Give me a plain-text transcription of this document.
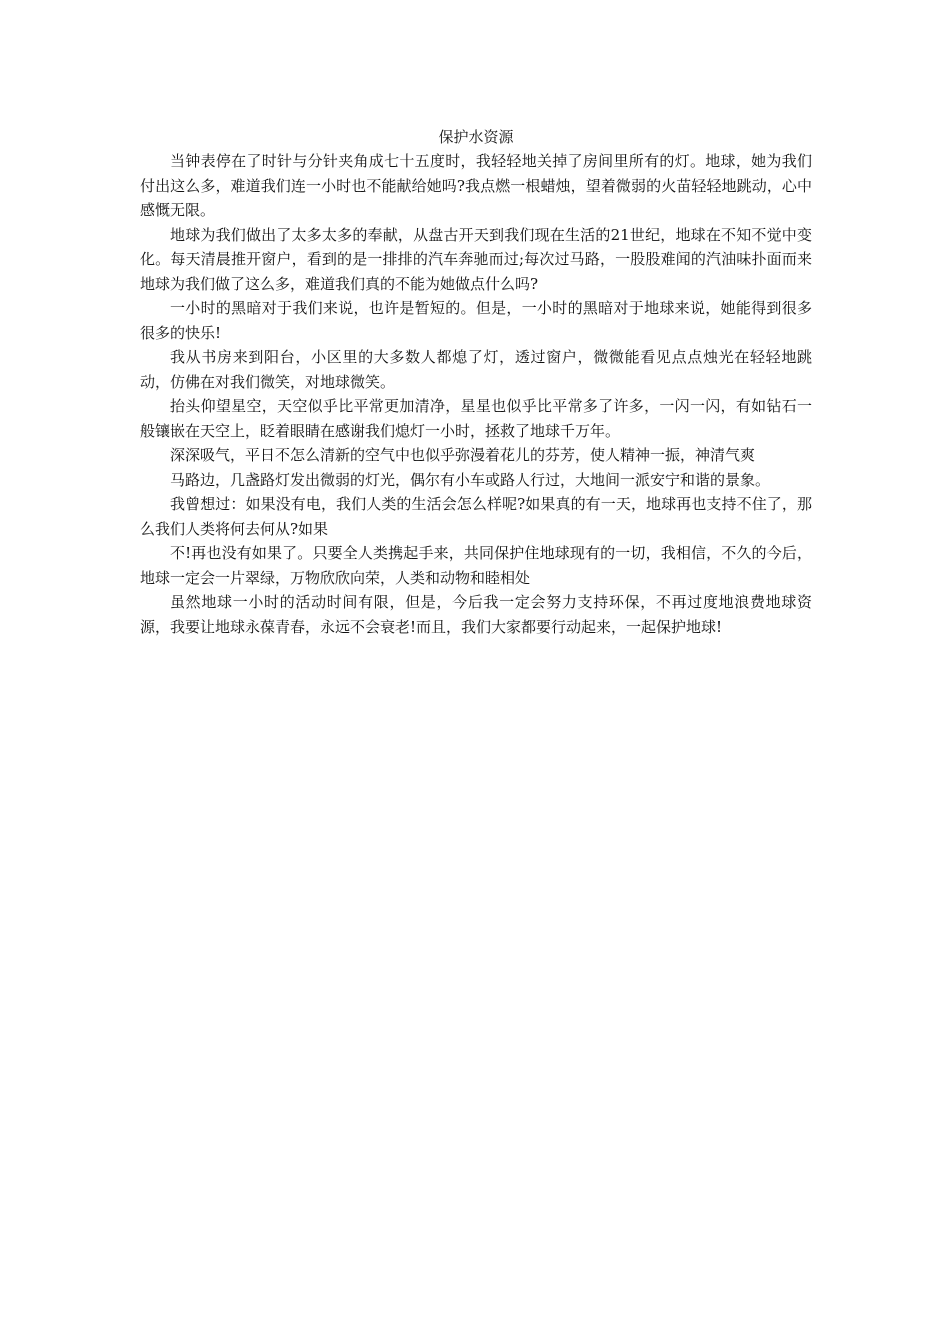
保护水资源

当钟表停在了时针与分针夹角成七十五度时，我轻轻地关掉了房间里所有的灯。地球，她为我们付出这么多，难道我们连一小时也不能献给她吗?我点燃一根蜡烛，望着微弱的火苗轻轻地跳动，心中感慨无限。

地球为我们做出了太多太多的奉献，从盘古开天到我们现在生活的21世纪，地球在不知不觉中变化。每天清晨推开窗户，看到的是一排排的汽车奔驰而过;每次过马路，一股股难闻的汽油味扑面而来地球为我们做了这么多，难道我们真的不能为她做点什么吗?

一小时的黑暗对于我们来说，也许是暂短的。但是，一小时的黑暗对于地球来说，她能得到很多很多的快乐!

我从书房来到阳台，小区里的大多数人都熄了灯，透过窗户，微微能看见点点烛光在轻轻地跳动，仿佛在对我们微笑，对地球微笑。

抬头仰望星空，天空似乎比平常更加清净，星星也似乎比平常多了许多，一闪一闪，有如钻石一般镶嵌在天空上，眨着眼睛在感谢我们熄灯一小时，拯救了地球千万年。

深深吸气，平日不怎么清新的空气中也似乎弥漫着花儿的芬芳，使人精神一振，神清气爽

马路边，几盏路灯发出微弱的灯光，偶尔有小车或路人行过，大地间一派安宁和谐的景象。

我曾想过：如果没有电，我们人类的生活会怎么样呢?如果真的有一天，地球再也支持不住了，那么我们人类将何去何从?如果

不!再也没有如果了。只要全人类携起手来，共同保护住地球现有的一切，我相信，不久的今后，地球一定会一片翠绿，万物欣欣向荣，人类和动物和睦相处

虽然地球一小时的活动时间有限，但是，今后我一定会努力支持环保，不再过度地浪费地球资源，我要让地球永葆青春，永远不会衰老!而且，我们大家都要行动起来，一起保护地球!
